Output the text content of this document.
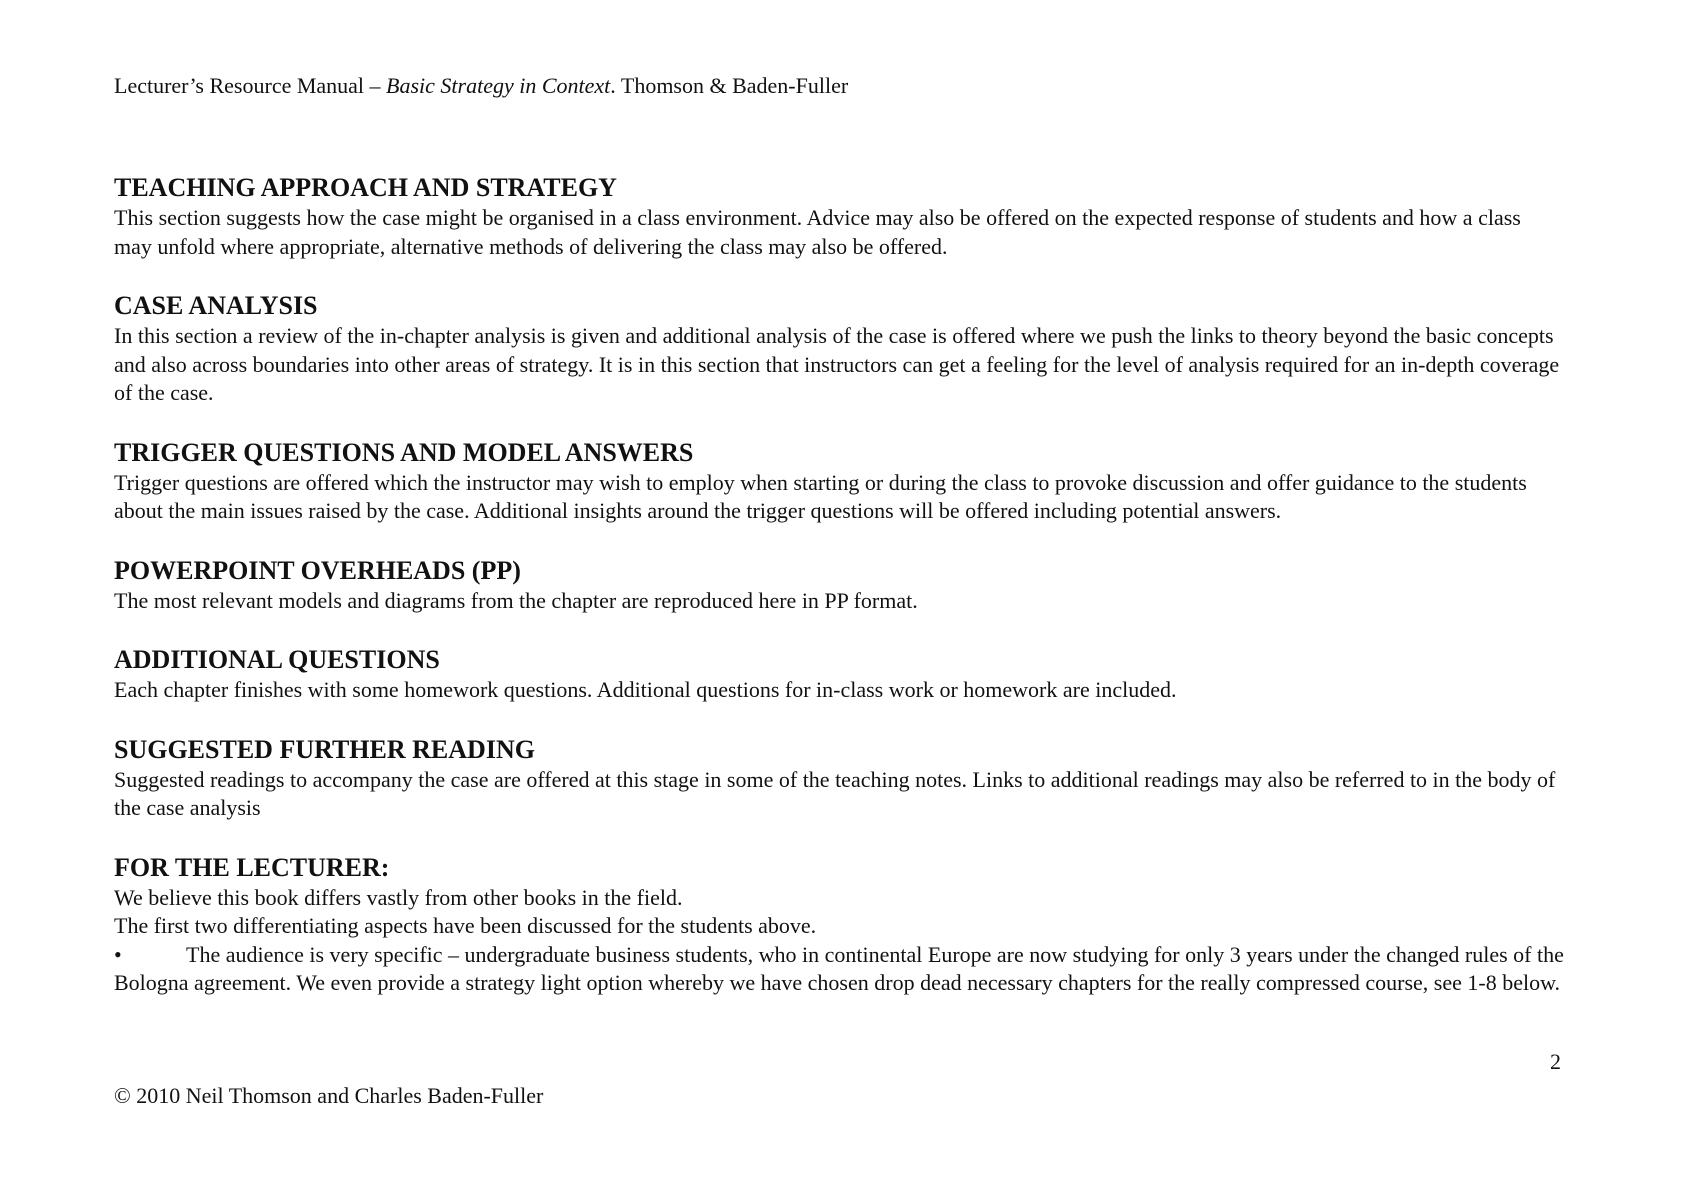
Lecturer’s Resource Manual – Basic Strategy in Context. Thomson & Baden-Fuller
TEACHING APPROACH AND STRATEGY

This section suggests how the case might be organised in a class environment. Advice may also be offered on the expected response of students and how a class may unfold where appropriate, alternative methods of delivering the class may also be offered.

CASE ANALYSIS

In this section a review of the in-chapter analysis is given and additional analysis of the case is offered where we push the links to theory beyond the basic concepts and also across boundaries into other areas of strategy. It is in this section that instructors can get a feeling for the level of analysis required for an in-depth coverage of the case.

TRIGGER QUESTIONS AND MODEL ANSWERS

Trigger questions are offered which the instructor may wish to employ when starting or during the class to provoke discussion and offer guidance to the students about the main issues raised by the case. Additional insights around the trigger questions will be offered including potential answers.

POWERPOINT OVERHEADS (PP)

The most relevant models and diagrams from the chapter are reproduced here in PP format.

ADDITIONAL QUESTIONS

Each chapter finishes with some homework questions. Additional questions for in-class work or homework are included.

SUGGESTED FURTHER READING

Suggested readings to accompany the case are offered at this stage in some of the teaching notes. Links to additional readings may also be referred to in the body of the case analysis

FOR THE LECTURER:

We believe this book differs vastly from other books in the field.

The first two differentiating aspects have been discussed for the students above.

•	The audience is very specific – undergraduate business students, who in continental Europe are now studying for only 3 years under the changed rules of the Bologna agreement. We even provide a strategy light option whereby we have chosen drop dead necessary chapters for the really compressed course, see 1-8 below.
2
© 2010 Neil Thomson and Charles Baden-Fuller
